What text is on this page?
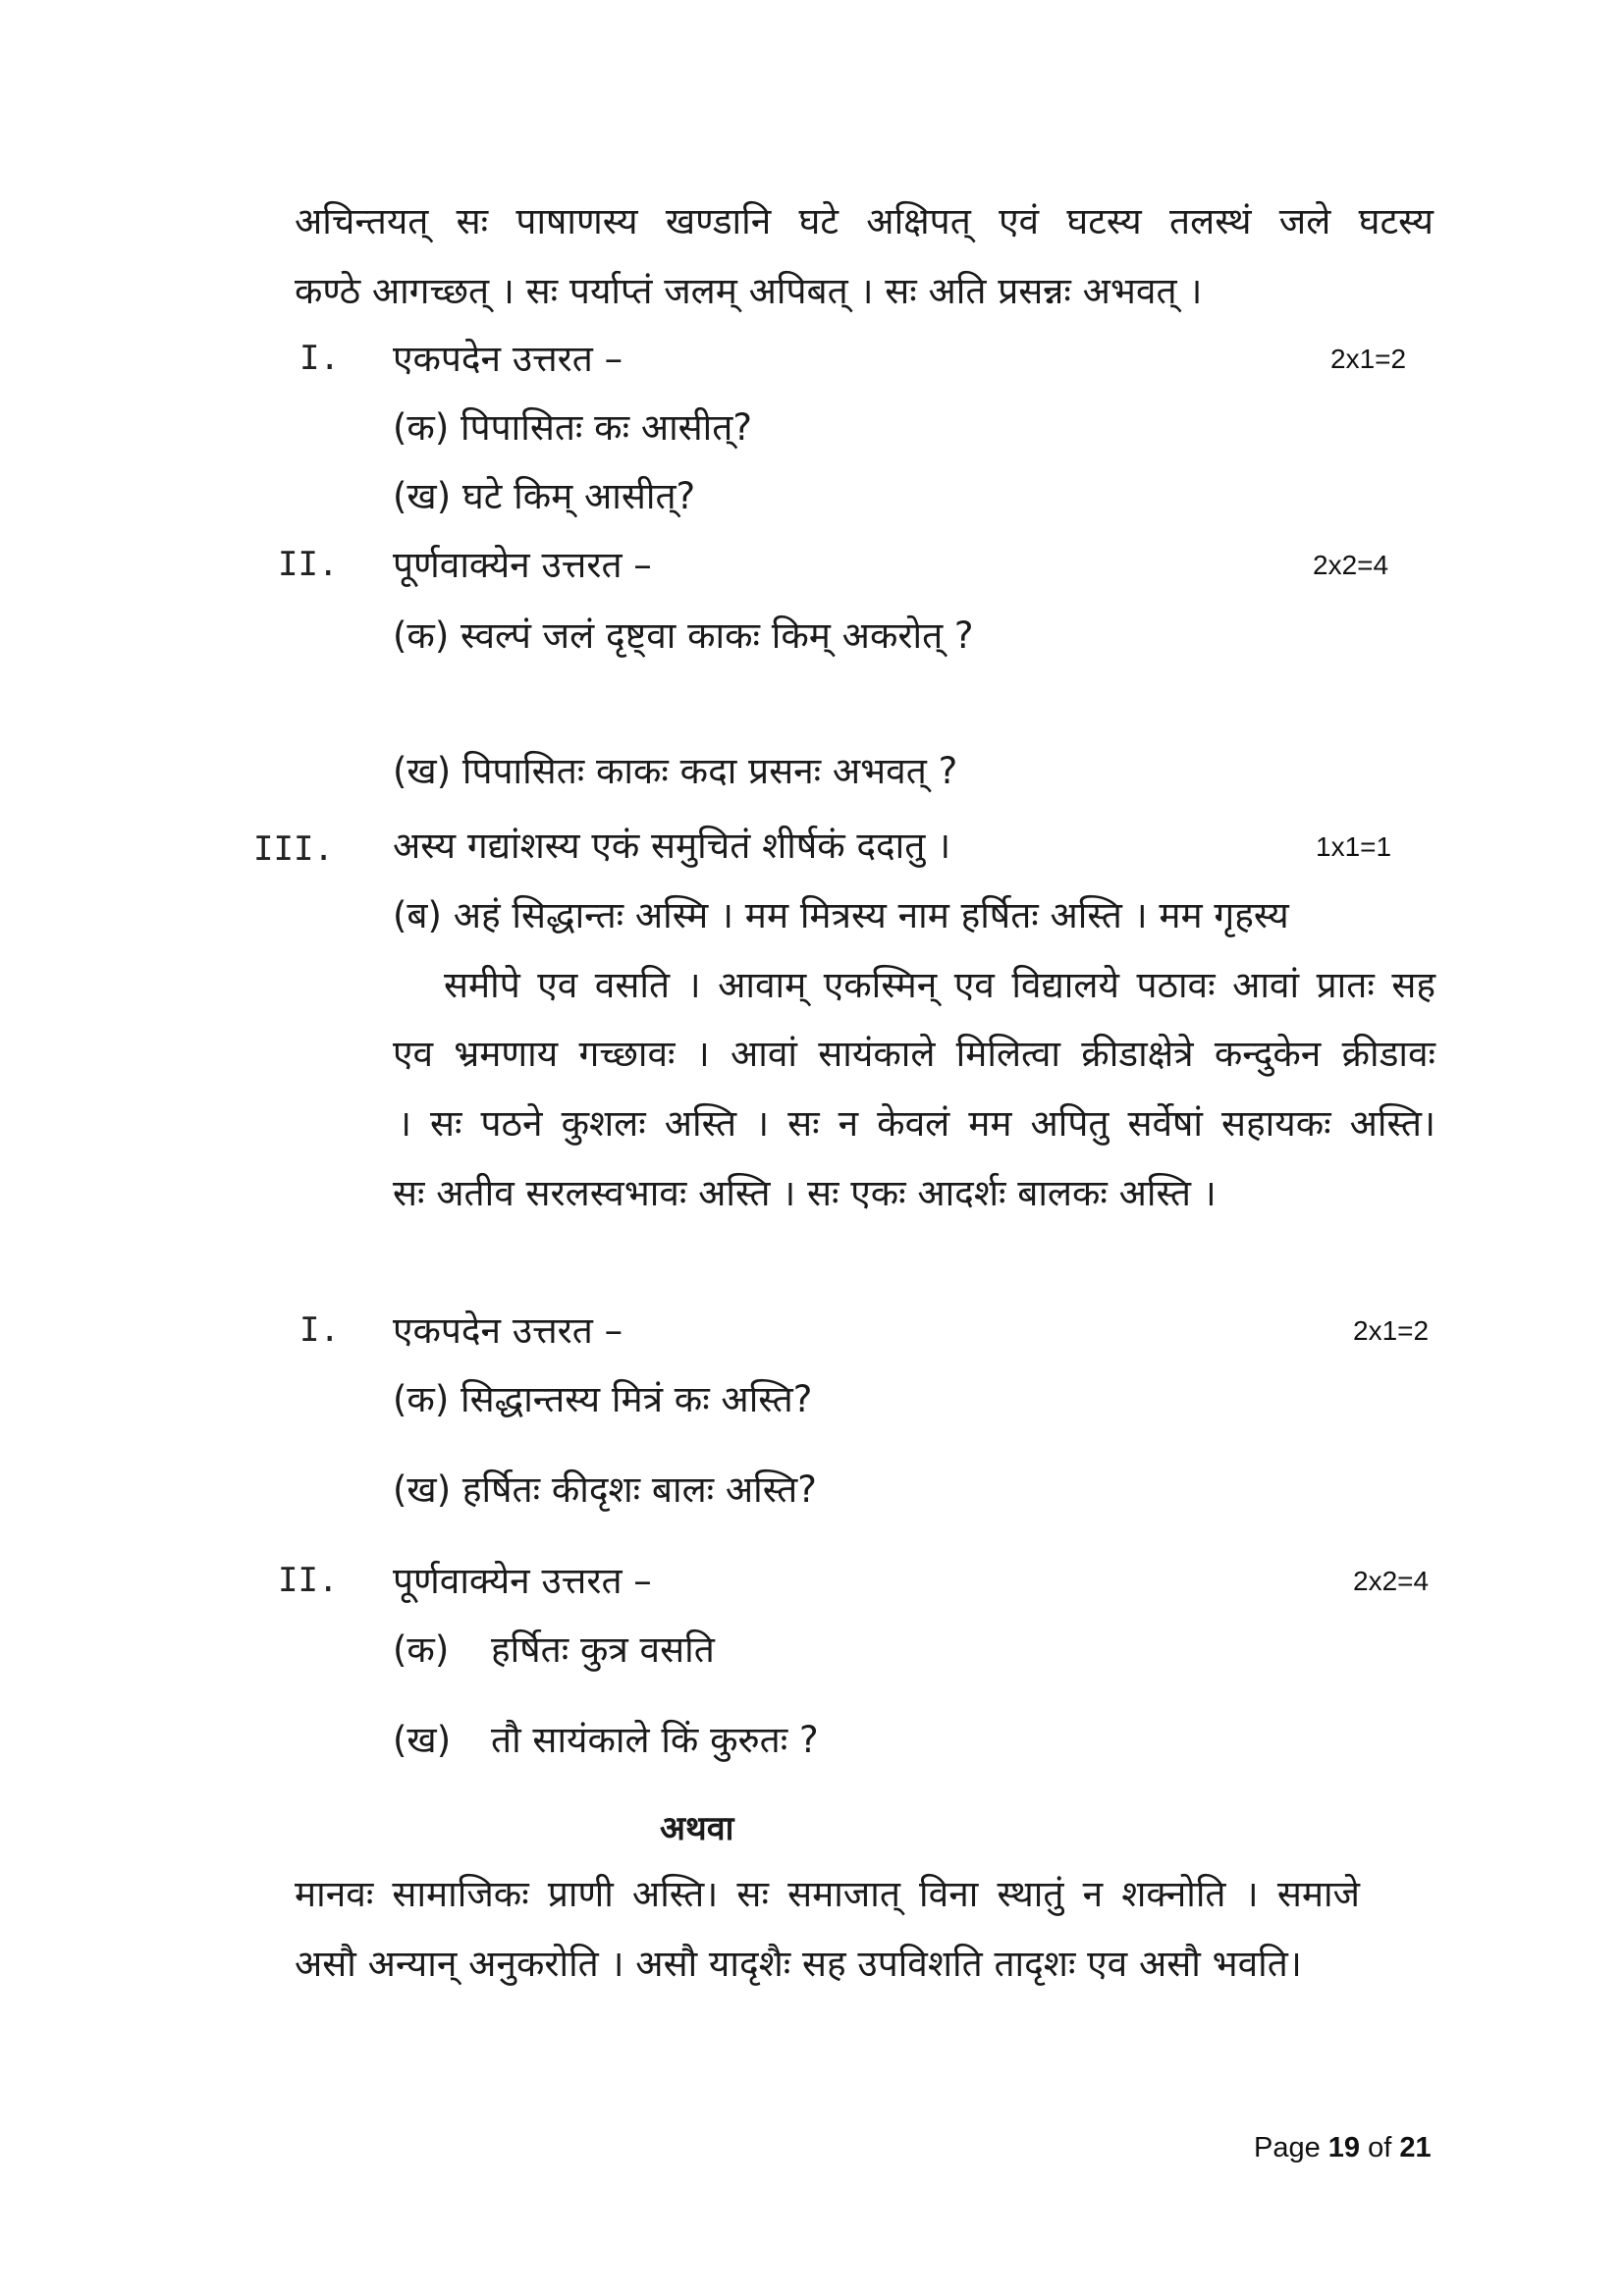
अचिन्तयत् सः पाषाणस्य खण्डानि घटे अक्षिपत् एवं घटस्य तलस्थं जले घटस्य
कण्ठे आगच्छत् । सः पर्याप्तं जलम् अपिबत् । सः अति प्रसन्नः अभवत् ।
I. एकपदेन उत्तरत –	2x1=2
(क) पिपासितः कः आसीत्?
(ख) घटे किम् आसीत्?
II. पूर्णवाक्येन उत्तरत –	2x2=4
(क) स्वल्पं जलं दृष्ट्वा काकः किम् अकरोत् ?
(ख) पिपासितः काकः कदा प्रसनः अभवत् ?
III. अस्य गद्यांशस्य एकं समुचितं शीर्षकं ददातु ।	1x1=1
(ब) अहं सिद्धान्तः अस्मि । मम मित्रस्य नाम हर्षितः अस्ति । मम गृहस्य
समीपे एव वसति । आवाम् एकस्मिन् एव विद्यालये पठावः आवां प्रातः सह
एव भ्रमणाय गच्छावः । आवां सायंकाले मिलित्वा क्रीडाक्षेत्रे कन्दुकेन क्रीडावः
। सः पठने कुशलः अस्ति । सः न केवलं मम अपितु सर्वेषां सहायकः अस्ति।
सः अतीव सरलस्वभावः अस्ति । सः एकः आदर्शः बालकः अस्ति ।
I. एकपदेन उत्तरत –	2x1=2
(क) सिद्धान्तस्य मित्रं कः अस्ति?
(ख) हर्षितः कीदृशः बालः अस्ति?
II. पूर्णवाक्येन उत्तरत –	2x2=4
(क) हर्षितः कुत्र वसति
(ख) तौ सायंकाले किं कुरुतः ?
अथवा
मानवः सामाजिकः प्राणी अस्ति। सः समाजात् विना स्थातुं न शक्नोति । समाजे
असौ अन्यान् अनुकरोति । असौ यादृशैः सह उपविशति तादृशः एव असौ भवति।
Page 19 of 21
